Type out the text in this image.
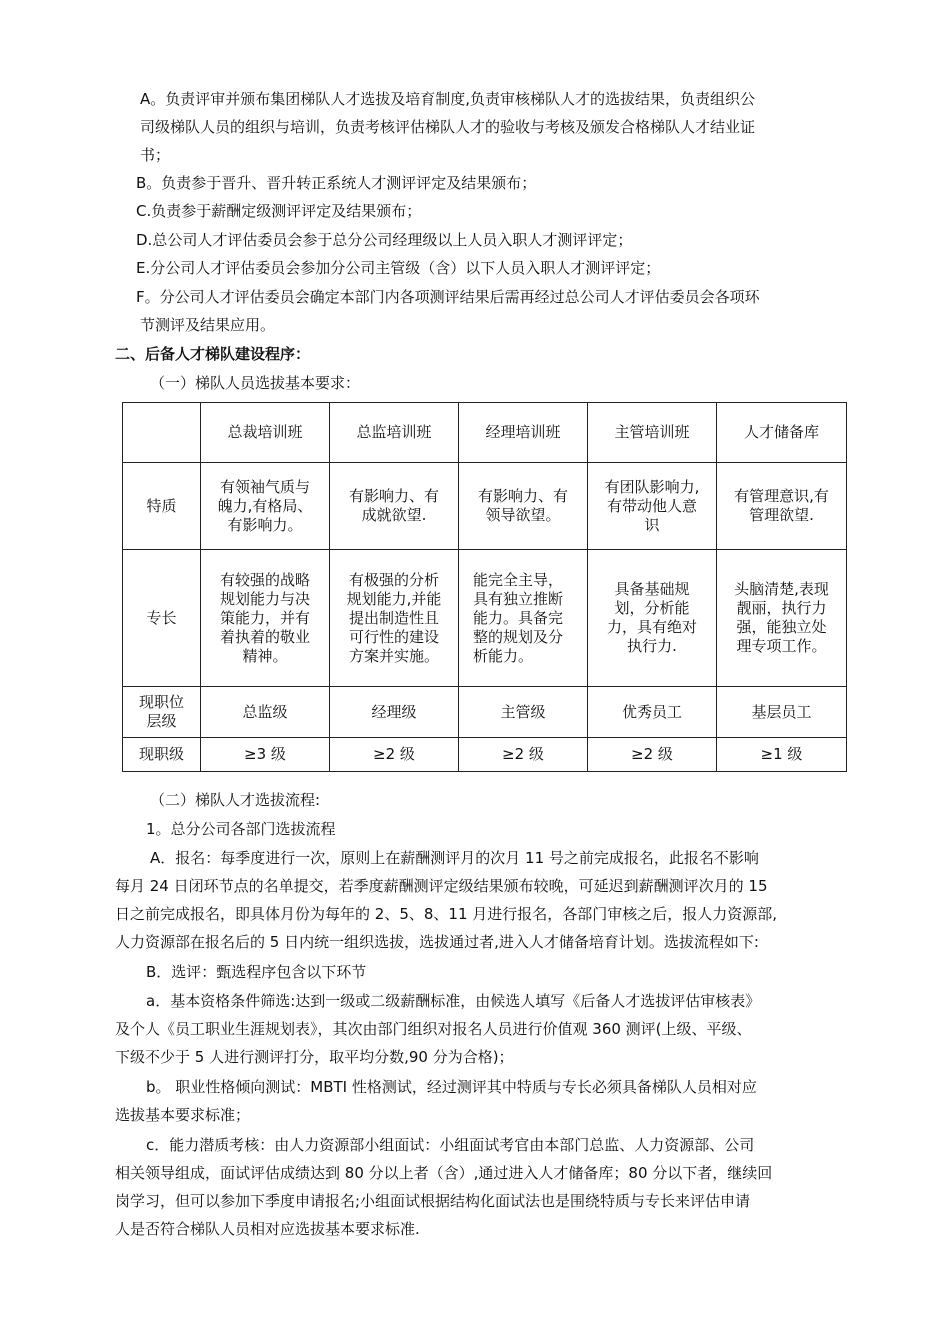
A。负责评审并颁布集团梯队人才选拔及培育制度,负责审核梯队人才的选拔结果，负责组织公
司级梯队人员的组织与培训，负责考核评估梯队人才的验收与考核及颁发合格梯队人才结业证
书；
B。负责参于晋升、晋升转正系统人才测评评定及结果颁布；
C.负责参于薪酬定级测评评定及结果颁布；
D.总公司人才评估委员会参于总分公司经理级以上人员入职人才测评评定；
E.分公司人才评估委员会参加分公司主管级（含）以下人员入职人才测评评定；
F。分公司人才评估委员会确定本部门内各项测评结果后需再经过总公司人才评估委员会各项环
节测评及结果应用。
二、后备人才梯队建设程序：
（一）梯队人员选拔基本要求：
	总裁培训班	总监培训班	经理培训班	主管培训班	人才储备库
特质	有领袖气质与
魄力,有格局、
有影响力。	有影响力、有
成就欲望.	有影响力、有
领导欲望。	有团队影响力,
有带动他人意
识	有管理意识,有
管理欲望.

专长	有较强的战略
规划能力与决
策能力，并有
着执着的敬业
精神。	有极强的分析
规划能力,并能
提出制造性且
可行性的建设
方案并实施。	能完全主导，
具有独立推断
能力。具备完
整的规划及分
析能力。	具备基础规
划，分析能
力，具有绝对
执行力.	头脑清楚,表现
靓丽，执行力
强，能独立处
理专项工作。

现职位
层级	总监级	经理级	主管级	优秀员工	基层员工
现职级	≥3 级	≥2 级	≥2 级	≥2 级	≥1 级
（二）梯队人才选拔流程:
1。总分公司各部门选拔流程
A．报名：每季度进行一次，原则上在薪酬测评月的次月 11 号之前完成报名，此报名不影响
每月 24 日闭环节点的名单提交，若季度薪酬测评定级结果颁布较晚，可延迟到薪酬测评次月的 15
日之前完成报名，即具体月份为每年的 2、5、8、11 月进行报名，各部门审核之后，报人力资源部,
人力资源部在报名后的 5 日内统一组织选拔，选拔通过者,进入人才储备培育计划。选拔流程如下:
B．选评：甄选程序包含以下环节
a．基本资格条件筛选:达到一级或二级薪酬标准，由候选人填写《后备人才选拔评估审核表》
及个人《员工职业生涯规划表》，其次由部门组织对报名人员进行价值观 360 测评(上级、平级、
下级不少于 5 人进行测评打分，取平均分数,90 分为合格)；
b。 职业性格倾向测试：MBTI 性格测试，经过测评其中特质与专长必须具备梯队人员相对应
选拔基本要求标准；
c．能力潜质考核：由人力资源部小组面试：小组面试考官由本部门总监、人力资源部、公司
相关领导组成，面试评估成绩达到 80 分以上者（含）,通过进入人才储备库；80 分以下者，继续回
岗学习，但可以参加下季度申请报名;小组面试根据结构化面试法也是围绕特质与专长来评估申请
人是否符合梯队人员相对应选拔基本要求标准.
